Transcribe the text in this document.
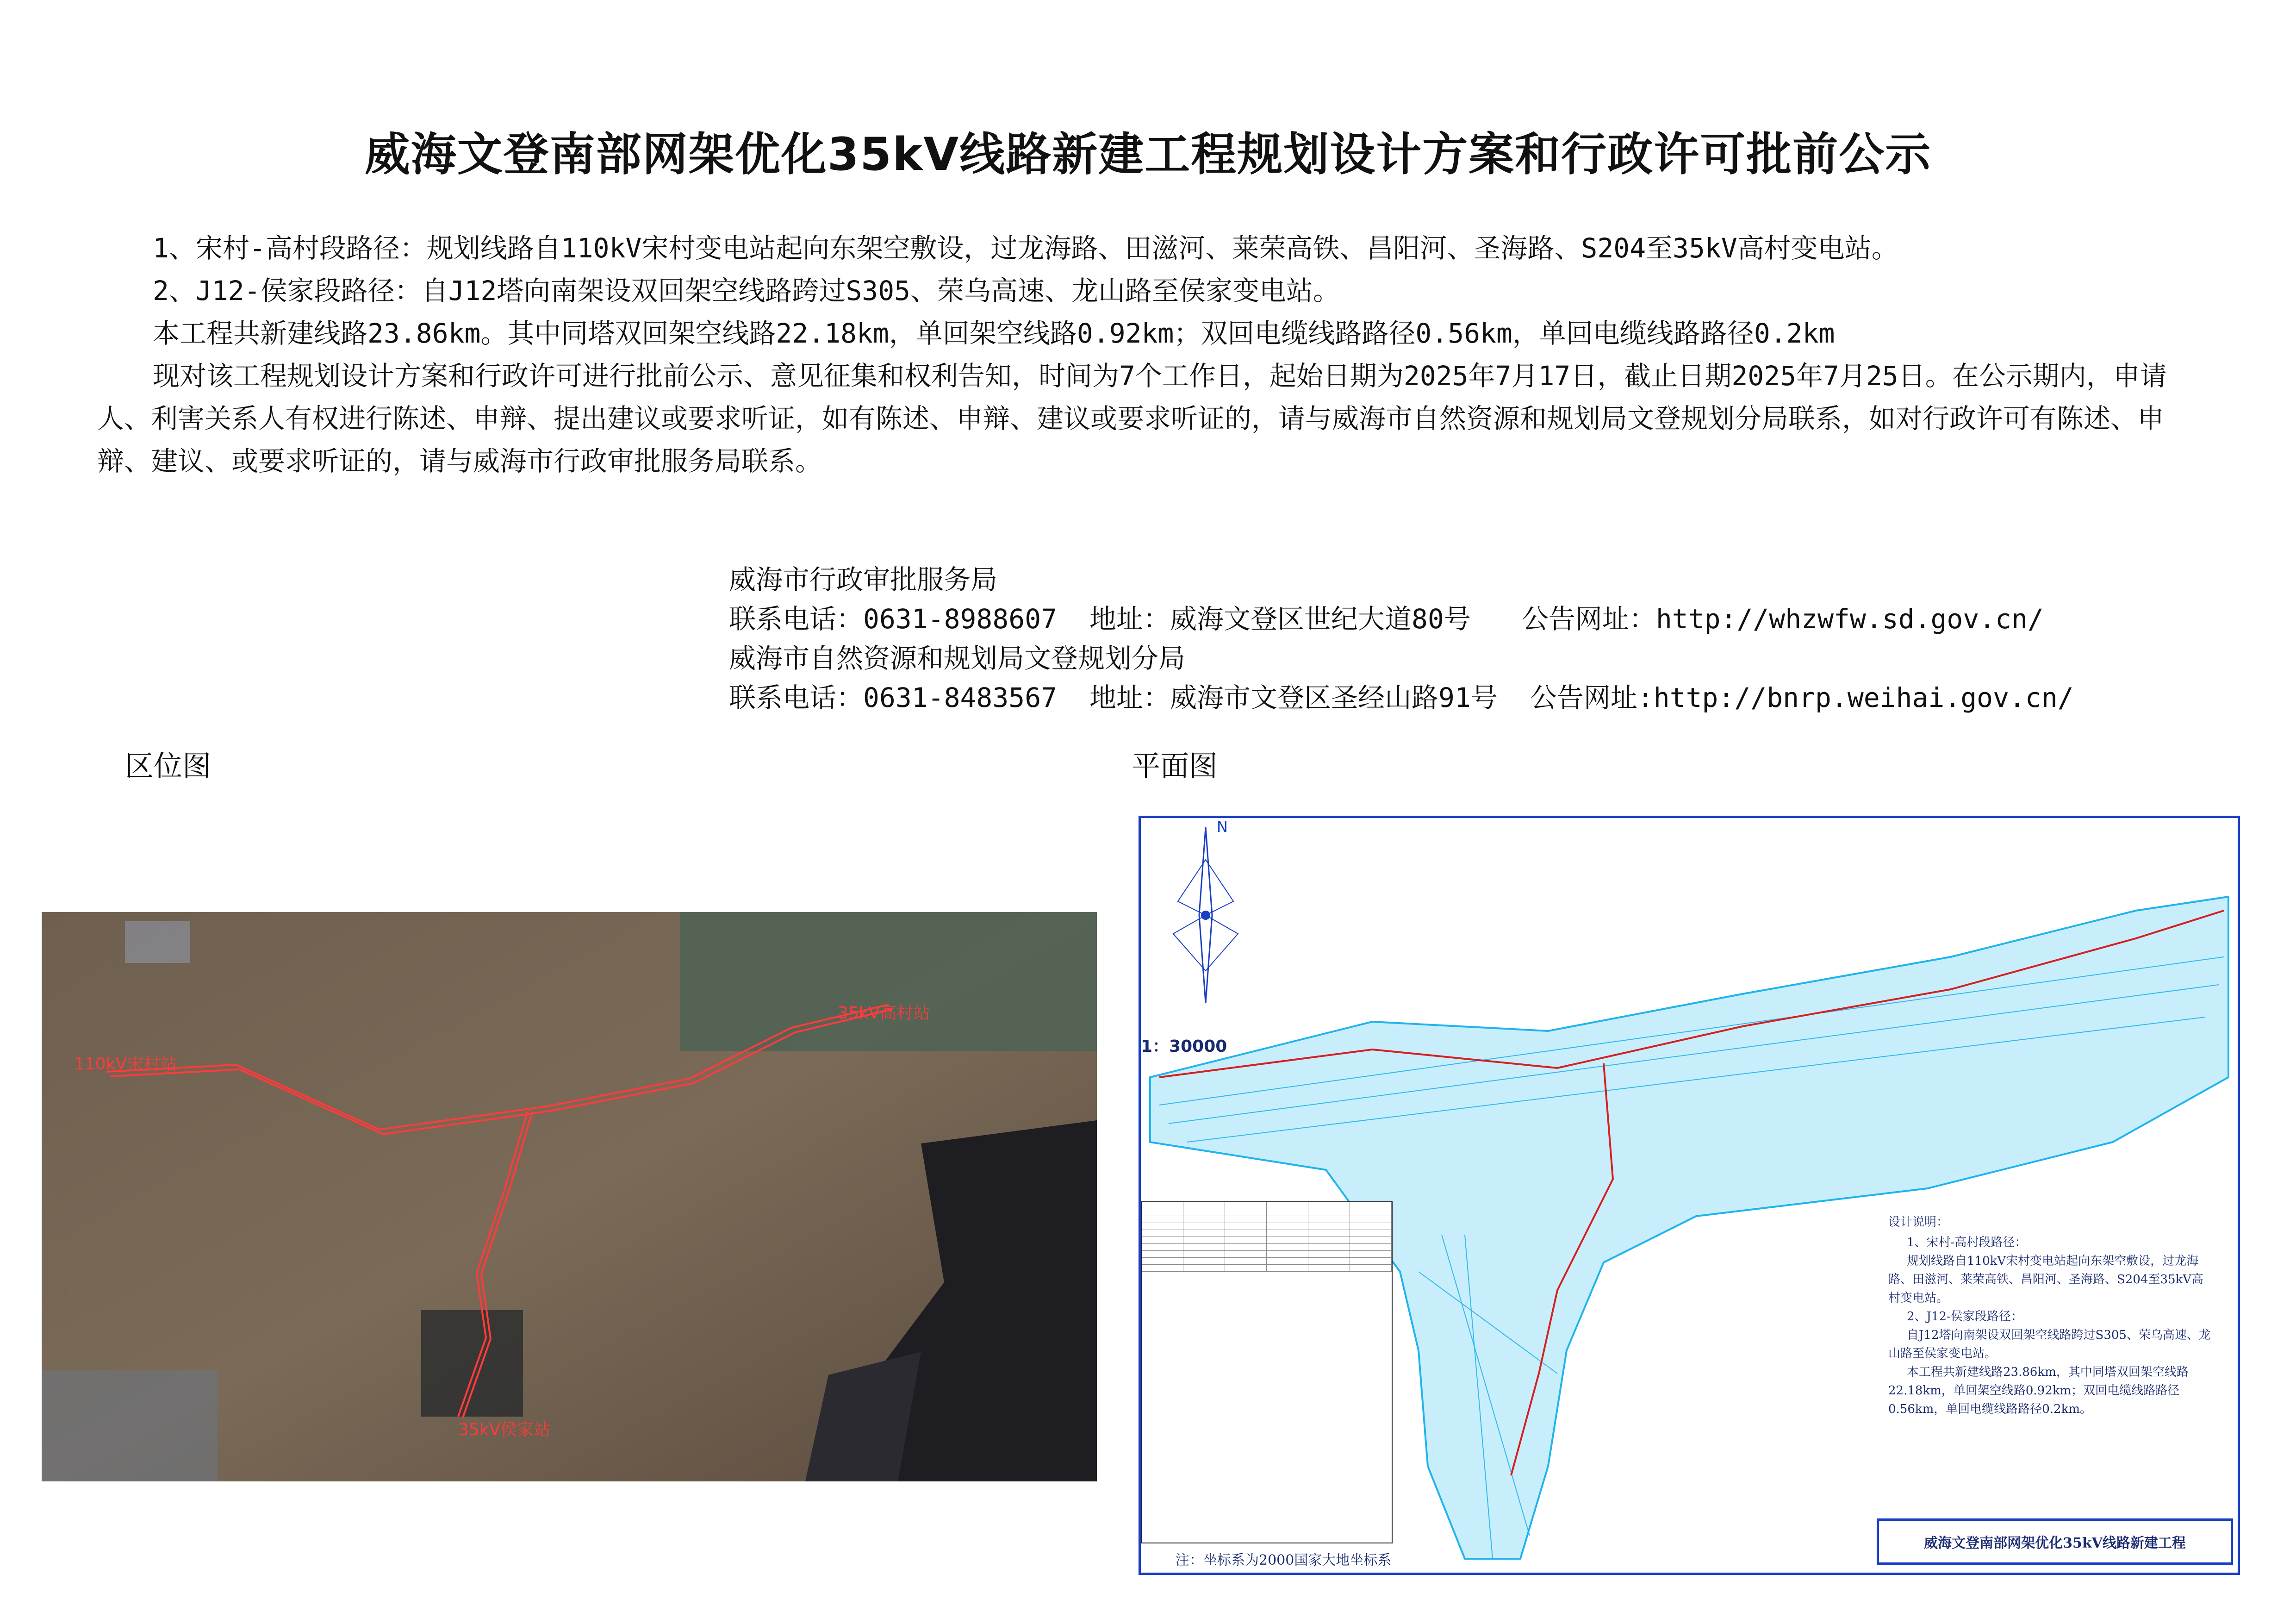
威海文登南部网架优化35kV线路新建工程规划设计方案和行政许可批前公示
1、宋村-高村段路径：规划线路自110kV宋村变电站起向东架空敷设，过龙海路、田滋河、莱荣高铁、昌阳河、圣海路、S204至35kV高村变电站。
2、J12-侯家段路径：自J12塔向南架设双回架空线路跨过S305、荣乌高速、龙山路至侯家变电站。
本工程共新建线路23.86km。其中同塔双回架空线路22.18km，单回架空线路0.92km；双回电缆线路路径0.56km，单回电缆线路路径0.2km
现对该工程规划设计方案和行政许可进行批前公示、意见征集和权利告知，时间为7个工作日，起始日期为2025年7月17日，截止日期2025年7月25日。在公示期内，申请人、利害关系人有权进行陈述、申辩、提出建议或要求听证，如有陈述、申辩、建议或要求听证的，请与威海市自然资源和规划局文登规划分局联系，如对行政许可有陈述、申辩、建议、或要求听证的，请与威海市行政审批服务局联系。
威海市行政审批服务局
联系电话：0631-8988607 地址：威海文登区世纪大道80号 公告网址：http://whzwfw.sd.gov.cn/
威海市自然资源和规划局文登规划分局
联系电话：0631-8483567 地址：威海市文登区圣经山路91号 公告网址:http://bnrp.weihai.gov.cn/
区位图	平面图
110kV宋村站
35kV高村站
35kV侯家站
N
1：30000
设计说明：
1、宋村-高村段路径：
规划线路自110kV宋村变电站起向东架空敷设，过龙海路、田滋河、莱荣高铁、昌阳河、圣海路、S204至35kV高村变电站。
2、J12-侯家段路径：
自J12塔向南架设双回架空线路跨过S305、荣乌高速、龙山路至侯家变电站。
本工程共新建线路23.86km，其中同塔双回架空线路22.18km，单回架空线路0.92km；双回电缆线路路径0.56km，单回电缆线路路径0.2km。
注：坐标系为2000国家大地坐标系
威海文登南部网架优化35kV线路新建工程
